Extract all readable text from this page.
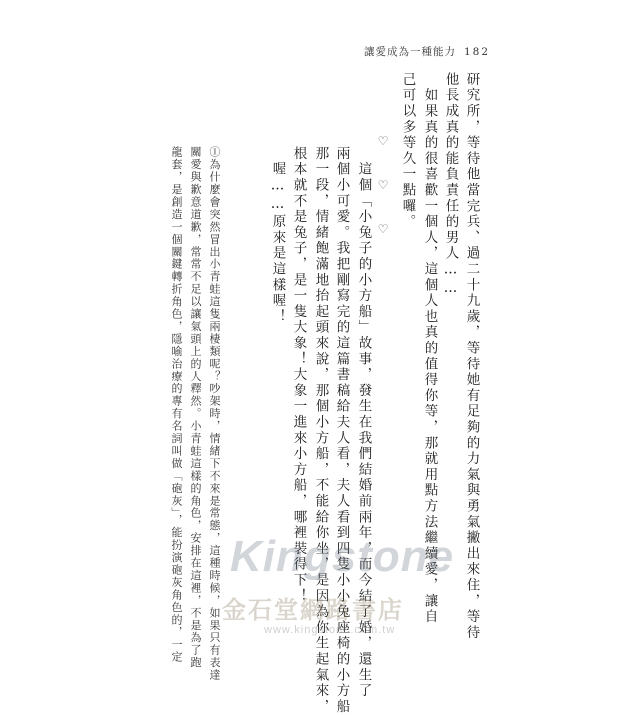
讓愛成為一種能力 182
研究所，等待他當完兵、過二十九歲，等待她有足夠的力氣與勇氣撇出來住，等待
他長成真的能負責任的男人……
　如果真的很喜歡一個人，這個人也真的值得你等，那就用點方法繼續愛，讓自
己可以多等久一點囉。
♡ ♡ ♡
　這個「小兔子的小方船」故事，發生在我們結婚前兩年，而今結了婚，還生了
兩個小可愛。我把剛寫完的這篇書稿給夫人看，夫人看到四隻小小兔座椅的小方船
那一段，情緒飽滿地抬起頭來說，那個小方船，不能給你坐，是因為你生起氣來，
根本就不是兔子，是一隻大象！大象一進來小方船，哪裡裝得下！
　喔……原來是這樣喔！
①為什麼會突然冒出小青蛙這隻兩棲類呢？吵架時，情緒下不來是常態，這種時候，如果只有表達
關愛與歉意道歉，常常不足以讓氣頭上的人釋然。小青蛙這樣的角色，安排在這裡，不是為了跑
龍套，是創造一個關鍵轉折角色，隱喻治療的專有名詞叫做「砲灰」，能扮演砲灰角色的，一定 Kingstone
金石堂網路書店
www.kingstone.com.tw
